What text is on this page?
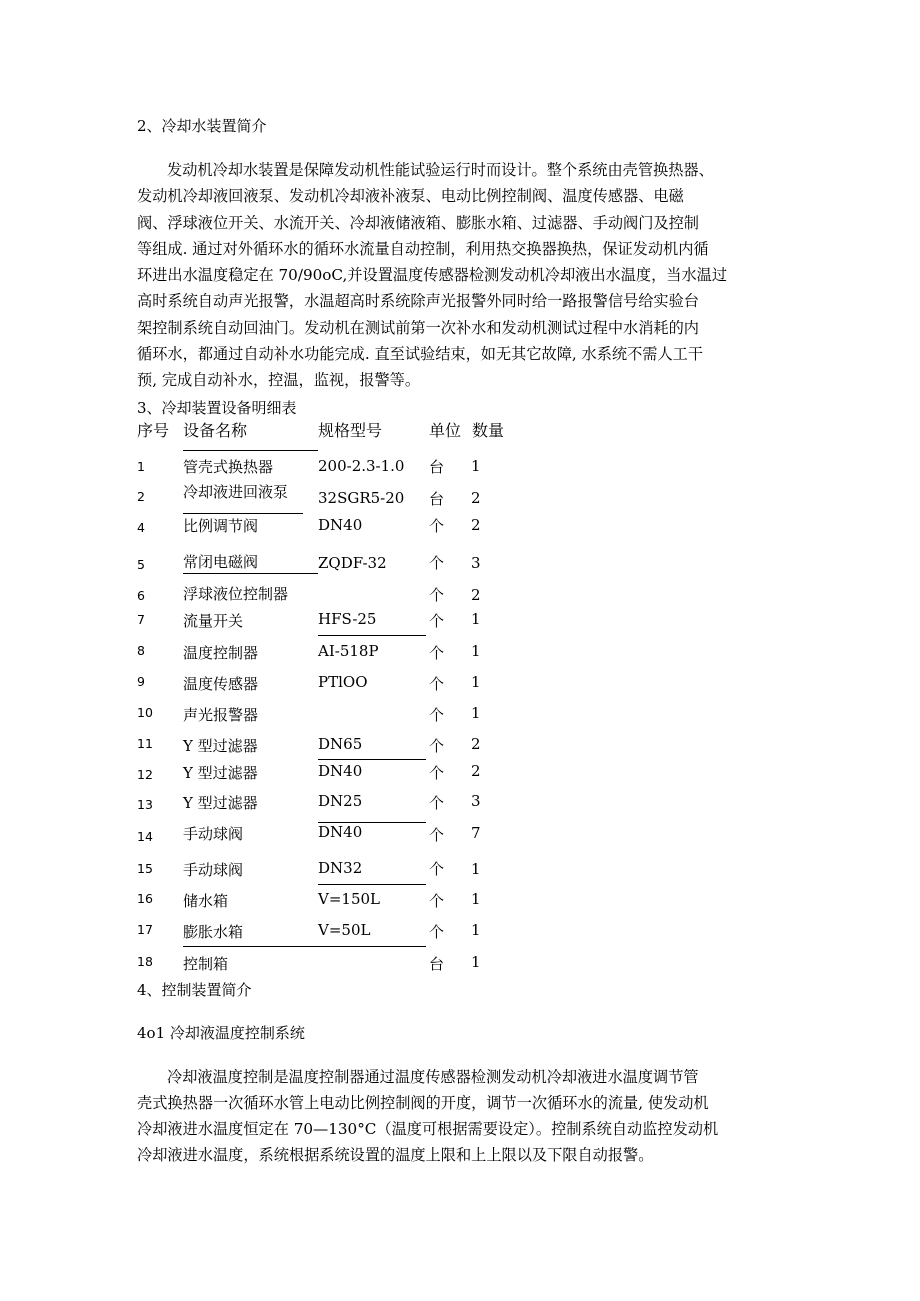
2、冷却水装置简介
发动机冷却水装置是保障发动机性能试验运行时而设计。整个系统由壳管换热器、
发动机冷却液回液泵、发动机冷却液补液泵、电动比例控制阀、温度传感器、电磁
阀、浮球液位开关、水流开关、冷却液储液箱、膨胀水箱、过滤器、手动阀门及控制
等组成. 通过对外循环水的循环水流量自动控制，利用热交换器换热，保证发动机内循
环进出水温度稳定在 70∕90oC,并设置温度传感器检测发动机冷却液出水温度，当水温过
高时系统自动声光报警，水温超高时系统除声光报警外同时给一路报警信号给实验台
架控制系统自动回油门。发动机在测试前第一次补水和发动机测试过程中水消耗的内
循环水，都通过自动补水功能完成. 直至试验结束，如无其它故障, 水系统不需人工干
预, 完成自动补水，控温，监视，报警等。
3、冷却装置设备明细表
序号 设备名称	规格型号	单位 数量
1	管壳式换热器	200-2.3-1.0 台 1
2	冷却液进回液泵 32SGR5-20 台 2
4	比例调节阀	DN40	个 2
5	常闭电磁阀	ZQDF-32	个 3
6	浮球液位控制器	个 2
7	流量开关	HFS-25	个 1
8	温度控制器	AI-518P	个 1
9	温度传感器	PTlOO	个 1
10 声光报警器	个 1
11 Y 型过滤器	DN65	个 2
12 Y 型过滤器	DN40	个 2
13 Y 型过滤器	DN25	个 3
14 手动球阀	DN40	个 7
15 手动球阀	DN32	个 1
16 储水箱	V=150L	个 1
17 膨胀水箱	V=50L	个 1
18 控制箱	台 1
4、控制装置简介
4o1 冷却液温度控制系统
冷却液温度控制是温度控制器通过温度传感器检测发动机冷却液进水温度调节管
壳式换热器一次循环水管上电动比例控制阀的开度，调节一次循环水的流量, 使发动机
冷却液进水温度恒定在 70—130°C（温度可根据需要设定）。控制系统自动监控发动机
冷却液进水温度，系统根据系统设置的温度上限和上上限以及下限自动报警。
